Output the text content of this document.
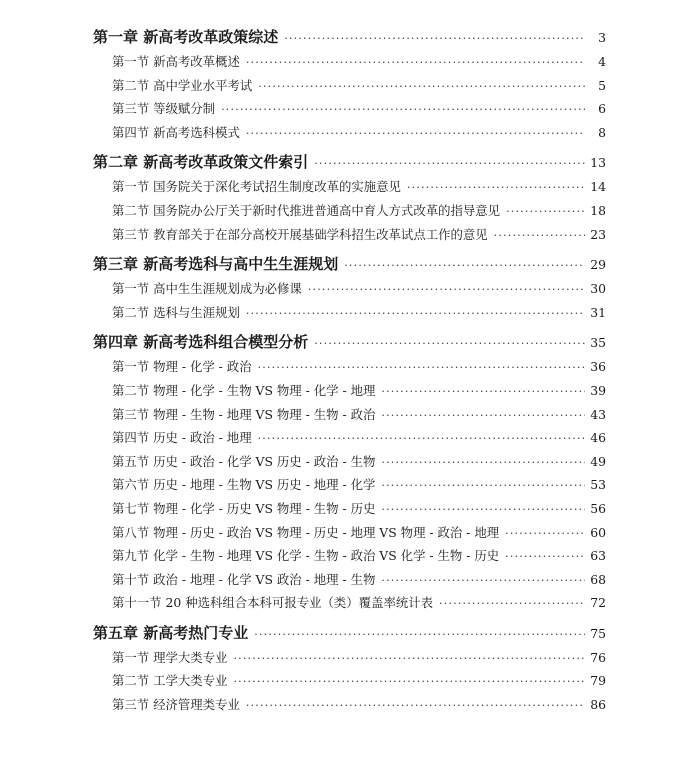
第一章 新高考改革政策综述 ·····	3
第一节 新高考改革概述 ·····	4
第二节 高中学业水平考试 ·····	5
第三节 等级赋分制 ·····	6
第四节 新高考选科模式 ·····	8
第二章 新高考改革政策文件索引 ·····	13
第一节 国务院关于深化考试招生制度改革的实施意见 ·····	14
第二节 国务院办公厅关于新时代推进普通高中育人方式改革的指导意见 ·····	18
第三节 教育部关于在部分高校开展基础学科招生改革试点工作的意见 ·····	23
第三章 新高考选科与高中生生涯规划 ·····	29
第一节 高中生生涯规划成为必修课 ·····	30
第二节 选科与生涯规划 ·····	31
第四章 新高考选科组合模型分析 ·····	35
第一节 物理 - 化学 - 政治 ·····	36
第二节 物理 - 化学 - 生物 VS 物理 - 化学 - 地理 ·····	39
第三节 物理 - 生物 - 地理 VS 物理 - 生物 - 政治 ·····	43
第四节 历史 - 政治 - 地理 ·····	46
第五节 历史 - 政治 - 化学 VS 历史 - 政治 - 生物 ·····	49
第六节 历史 - 地理 - 生物 VS 历史 - 地理 - 化学 ·····	53
第七节 物理 - 化学 - 历史 VS 物理 - 生物 - 历史 ·····	56
第八节 物理 - 历史 - 政治 VS 物理 - 历史 - 地理 VS 物理 - 政治 - 地理 ·····	60
第九节 化学 - 生物 - 地理 VS 化学 - 生物 - 政治 VS 化学 - 生物 - 历史 ·····	63
第十节 政治 - 地理 - 化学 VS 政治 - 地理 - 生物 ·····	68
第十一节 20 种选科组合本科可报专业（类）覆盖率统计表 ·····	72
第五章 新高考热门专业 ·····	75
第一节 理学大类专业 ·····	76
第二节 工学大类专业 ·····	79
第三节 经济管理类专业 ·····	86
